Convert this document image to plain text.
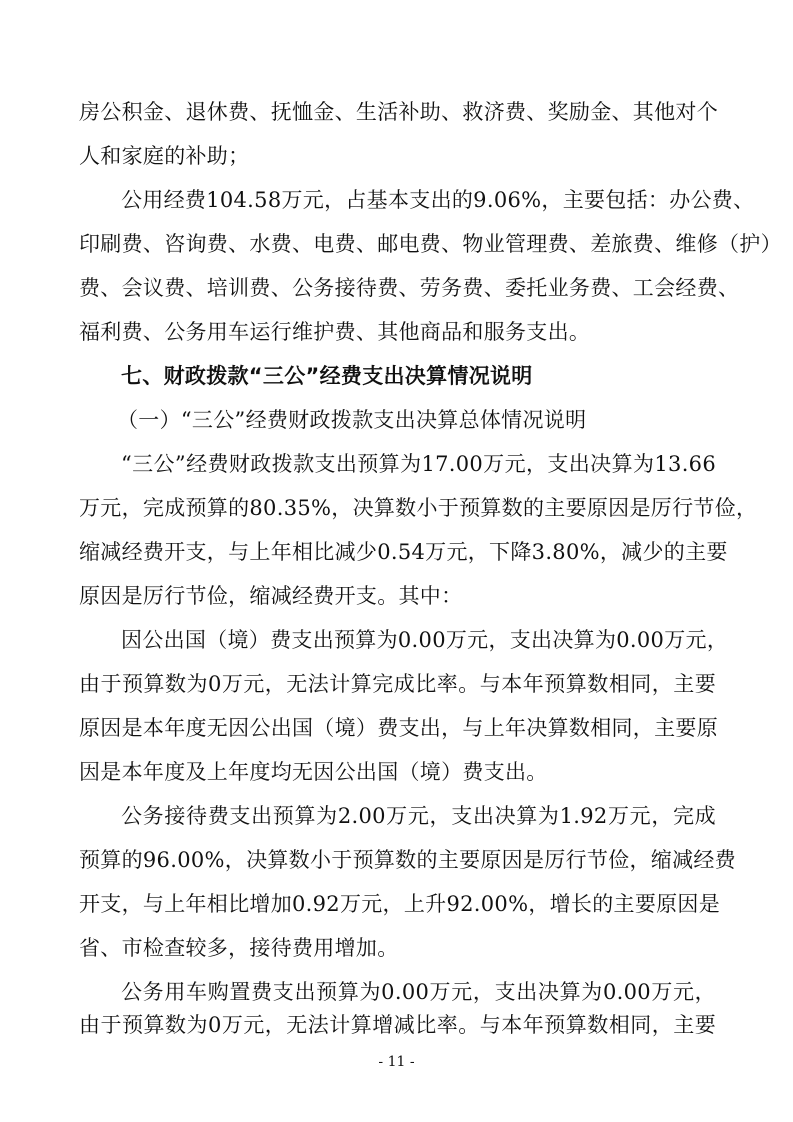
房公积金、退休费、抚恤金、生活补助、救济费、奖励金、其他对个
人和家庭的补助；
公用经费104.58万元，占基本支出的9.06%，主要包括：办公费、
印刷费、咨询费、水费、电费、邮电费、物业管理费、差旅费、维修（护）
费、会议费、培训费、公务接待费、劳务费、委托业务费、工会经费、
福利费、公务用车运行维护费、其他商品和服务支出。
七、财政拨款“三公”经费支出决算情况说明
（一）“三公”经费财政拨款支出决算总体情况说明
“三公”经费财政拨款支出预算为17.00万元，支出决算为13.66
万元，完成预算的80.35%，决算数小于预算数的主要原因是厉行节俭，
缩减经费开支，与上年相比减少0.54万元，下降3.80%，减少的主要
原因是厉行节俭，缩减经费开支。其中：
因公出国（境）费支出预算为0.00万元，支出决算为0.00万元，
由于预算数为0万元，无法计算完成比率。与本年预算数相同，主要
原因是本年度无因公出国（境）费支出，与上年决算数相同，主要原
因是本年度及上年度均无因公出国（境）费支出。
公务接待费支出预算为2.00万元，支出决算为1.92万元，完成
预算的96.00%，决算数小于预算数的主要原因是厉行节俭，缩减经费
开支，与上年相比增加0.92万元，上升92.00%，增长的主要原因是
省、市检查较多，接待费用增加。
公务用车购置费支出预算为0.00万元，支出决算为0.00万元，
由于预算数为0万元，无法计算增减比率。与本年预算数相同，主要
- 11 -
